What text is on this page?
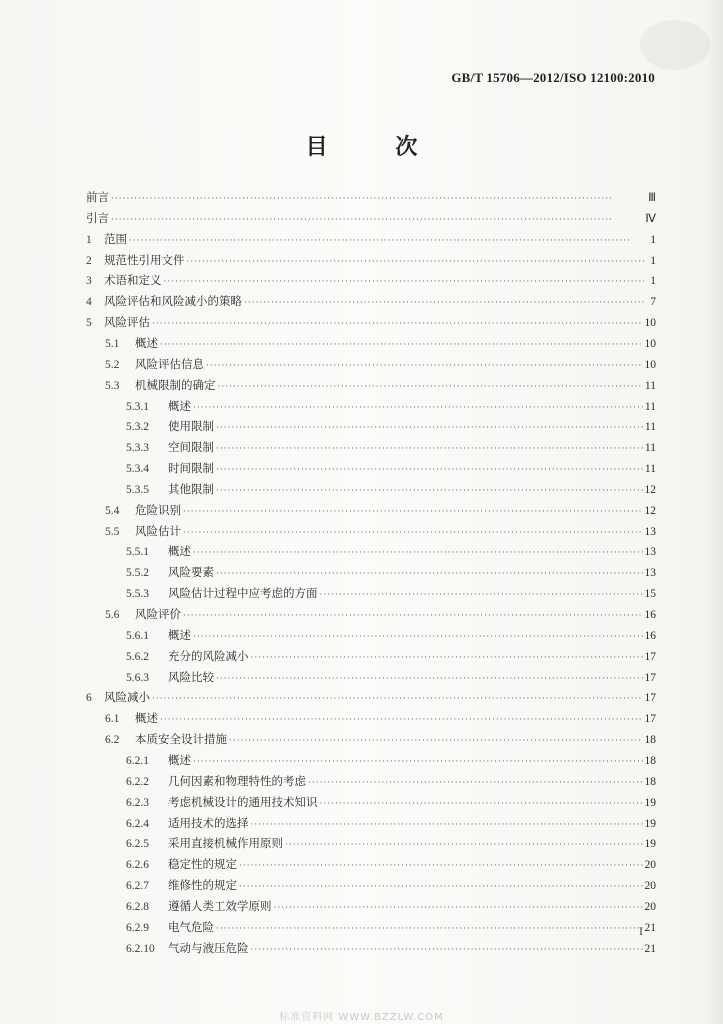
GB/T 15706—2012/ISO 12100:2010
目 次
前言 ·····	Ⅲ
引言 ·····	Ⅳ
1 范围 ·····	1
2 规范性引用文件 ·····	1
3 术语和定义 ·····	1
4 风险评估和风险减小的策略 ·····	7
5 风险评估 ·····	10
5.1 概述 ·····	10
5.2 风险评估信息 ·····	10
5.3 机械限制的确定 ·····	11
5.3.1 概述 ·····	11
5.3.2 使用限制 ·····	11
5.3.3 空间限制 ·····	11
5.3.4 时间限制 ·····	11
5.3.5 其他限制 ·····	12
5.4 危险识别 ·····	12
5.5 风险估计 ·····	13
5.5.1 概述 ·····	13
5.5.2 风险要素 ·····	13
5.5.3 风险估计过程中应考虑的方面 ·····	15
5.6 风险评价 ·····	16
5.6.1 概述 ·····	16
5.6.2 充分的风险减小 ·····	17
5.6.3 风险比较 ·····	17
6 风险减小 ·····	17
6.1 概述 ·····	17
6.2 本质安全设计措施 ·····	18
6.2.1 概述 ·····	18
6.2.2 几何因素和物理特性的考虑 ·····	18
6.2.3 考虑机械设计的通用技术知识 ·····	19
6.2.4 适用技术的选择 ·····	19
6.2.5 采用直接机械作用原则 ·····	19
6.2.6 稳定性的规定 ·····	20
6.2.7 维修性的规定 ·····	20
6.2.8 遵循人类工效学原则 ·····	20
6.2.9 电气危险 ·····	21
6.2.10 气动与液压危险 ·····	21
I
标准资料网 WWW.BZZLW.COM
